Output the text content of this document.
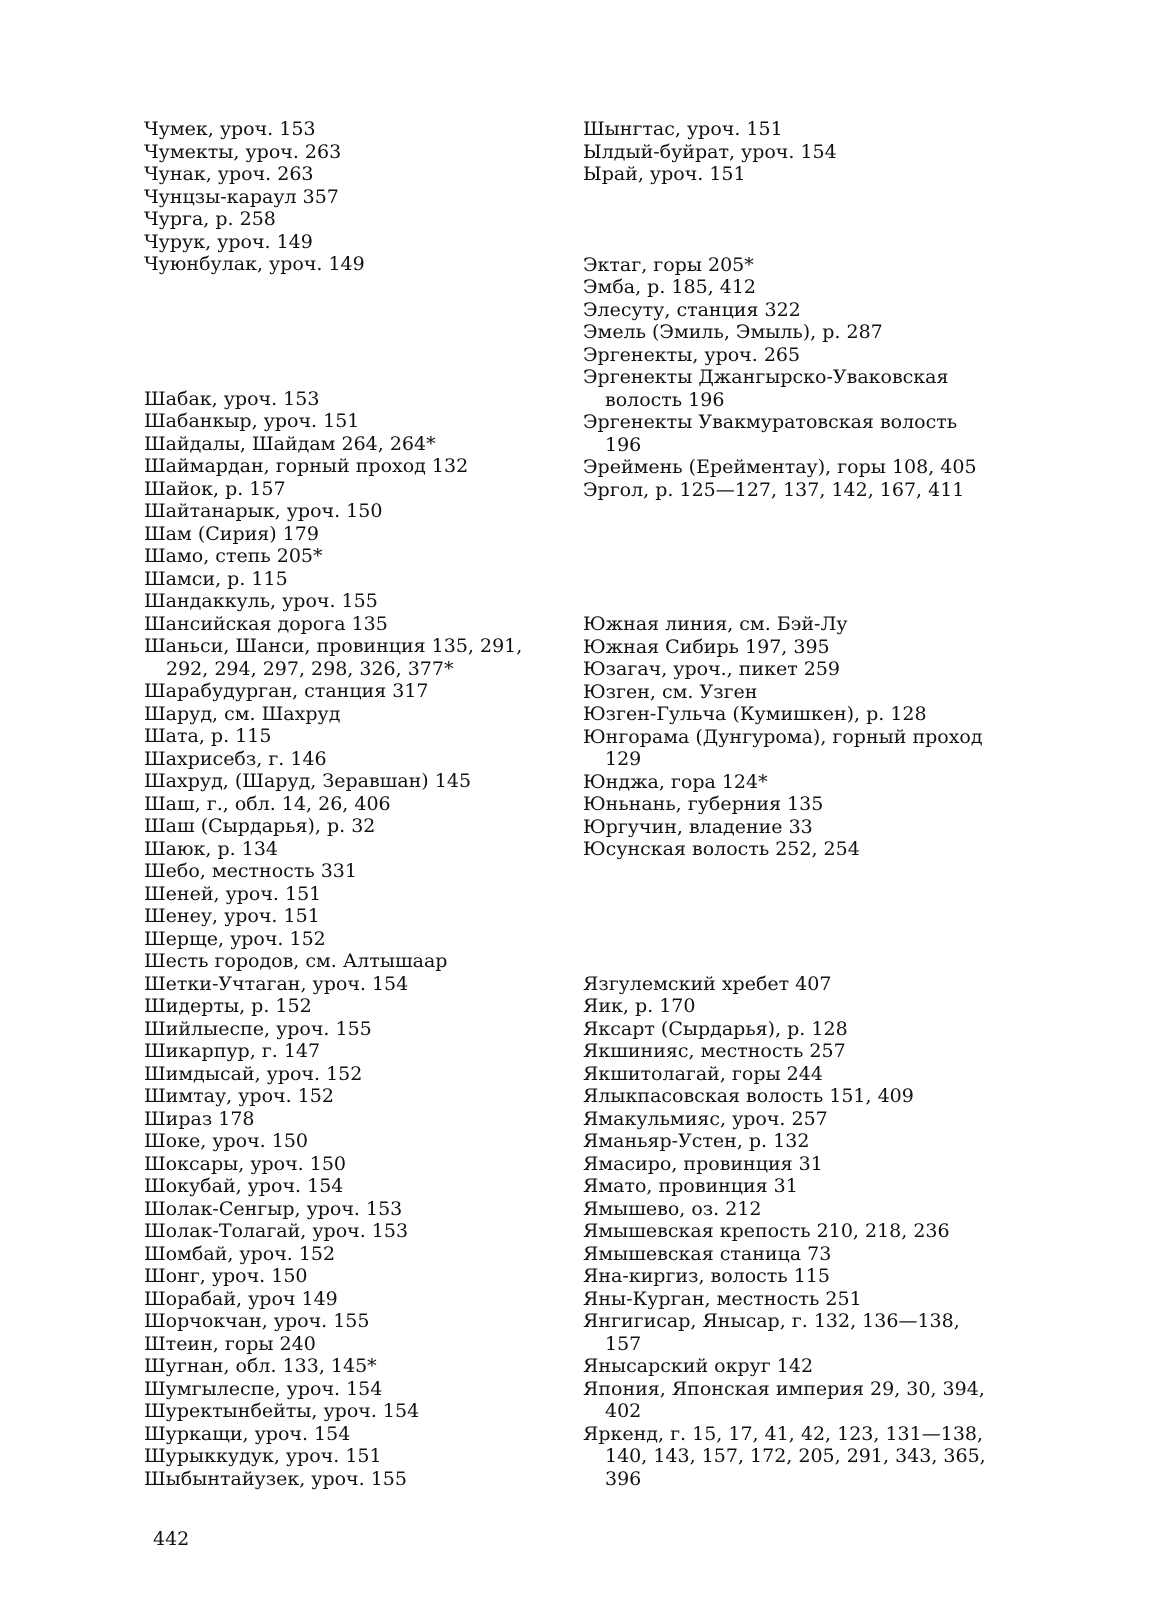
Чумек, уроч. 153
Чумекты, уроч. 263
Чунак, уроч. 263
Чунцзы-караул 357
Чурга, р. 258
Чурук, уроч. 149
Чуюнбулак, уроч. 149
Шабак, уроч. 153
Шабанкыр, уроч. 151
Шайдалы, Шайдам 264, 264*
Шаймардан, горный проход 132
Шайок, р. 157
Шайтанарык, уроч. 150
Шам (Сирия) 179
Шамо, степь 205*
Шамси, р. 115
Шандаккуль, уроч. 155
Шансийская дорога 135
Шаньси, Шанси, провинция 135, 291, 292, 294, 297, 298, 326, 377*
Шарабудурган, станция 317
Шаруд, см. Шахруд
Шата, р. 115
Шахрисебз, г. 146
Шахруд, (Шаруд, Зеравшан) 145
Шаш, г., обл. 14, 26, 406
Шаш (Сырдарья), р. 32
Шаюк, р. 134
Шебо, местность 331
Шеней, уроч. 151
Шенеу, уроч. 151
Шерще, уроч. 152
Шесть городов, см. Алтышаар
Шетки-Учтаган, уроч. 154
Шидерты, р. 152
Шийлыеспе, уроч. 155
Шикарпур, г. 147
Шимдысай, уроч. 152
Шимтау, уроч. 152
Шираз 178
Шоке, уроч. 150
Шоксары, уроч. 150
Шокубай, уроч. 154
Шолак-Сенгыр, уроч. 153
Шолак-Толагай, уроч. 153
Шомбай, уроч. 152
Шонг, уроч. 150
Шорабай, уроч 149
Шорчокчан, уроч. 155
Штеин, горы 240
Шугнан, обл. 133, 145*
Шумгылеспе, уроч. 154
Шуректынбейты, уроч. 154
Шуркащи, уроч. 154
Шурыккудук, уроч. 151
Шыбынтайузек, уроч. 155
Шынгтас, уроч. 151
Ылдый-буйрат, уроч. 154
Ырай, уроч. 151
Эктаг, горы 205*
Эмба, р. 185, 412
Элесуту, станция 322
Эмель (Эмиль, Эмыль), р. 287
Эргенекты, уроч. 265
Эргенекты Джангырско-Уваковская волость 196
Эргенекты Увакмуратовская волость 196
Эреймень (Ерейментау), горы 108, 405
Эргол, р. 125—127, 137, 142, 167, 411
Южная линия, см. Бэй-Лу
Южная Сибирь 197, 395
Юзагач, уроч., пикет 259
Юзген, см. Узген
Юзген-Гульча (Кумишкен), р. 128
Юнгорама (Дунгурома), горный проход 129
Юнджа, гора 124*
Юньнань, губерния 135
Юргучин, владение 33
Юсунская волость 252, 254
Язгулемский хребет 407
Яик, р. 170
Яксарт (Сырдарья), р. 128
Якшинияс, местность 257
Якшитолагай, горы 244
Ялыкпасовская волость 151, 409
Ямакульмияс, уроч. 257
Яманьяр-Устен, р. 132
Ямасиро, провинция 31
Ямато, провинция 31
Ямышево, оз. 212
Ямышевская крепость 210, 218, 236
Ямышевская станица 73
Яна-киргиз, волость 115
Яны-Курган, местность 251
Янгигисар, Янысар, г. 132, 136—138, 157
Янысарский округ 142
Япония, Японская империя 29, 30, 394, 402
Яркенд, г. 15, 17, 41, 42, 123, 131—138, 140, 143, 157, 172, 205, 291, 343, 365, 396
442
